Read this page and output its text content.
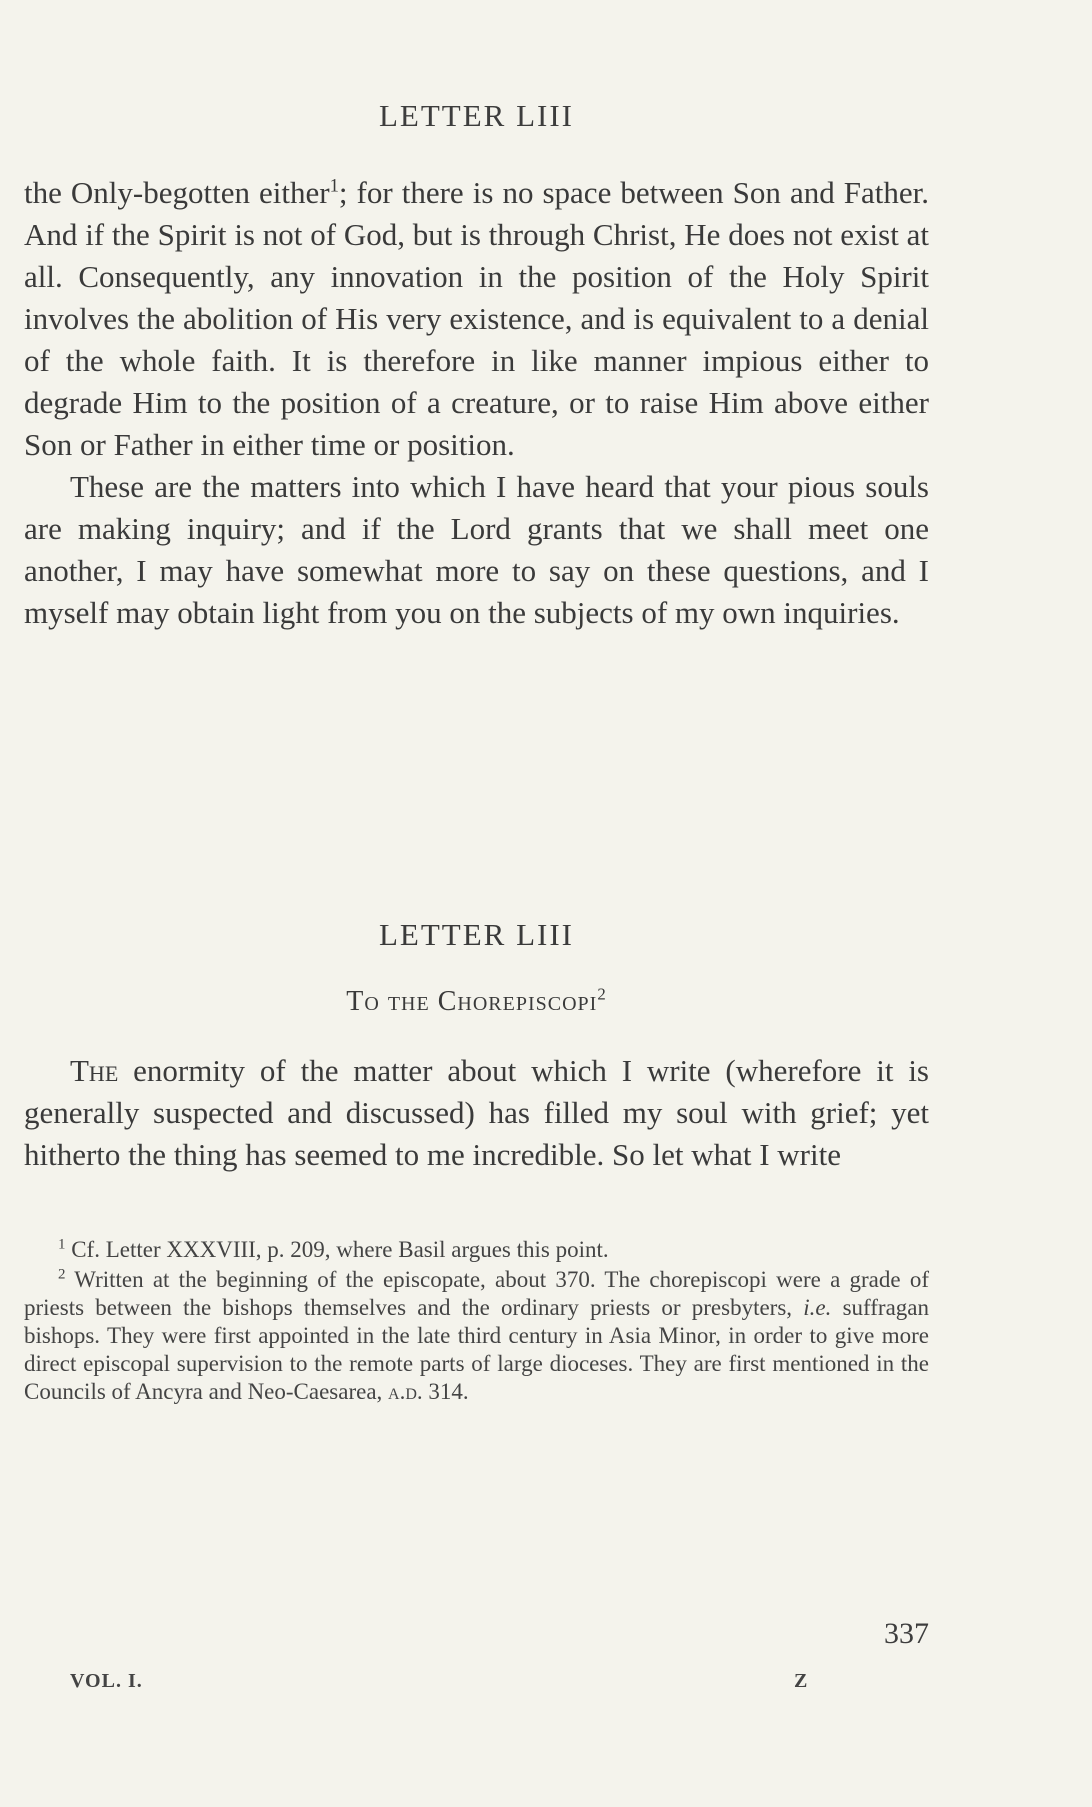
LETTER LIII

the Only-begotten either$^1$; for there is no space between Son and Father. And if the Spirit is not of God, but is through Christ, He does not exist at all. Consequently, any innovation in the position of the Holy Spirit involves the abolition of His very existence, and is equivalent to a denial of the whole faith. It is therefore in like manner impious either to degrade Him to the position of a creature, or to raise Him above either Son or Father in either time or position.

These are the matters into which I have heard that your pious souls are making inquiry; and if the Lord grants that we shall meet one another, I may have somewhat more to say on these questions, and I myself may obtain light from you on the subjects of my own inquiries.

LETTER LIII
To the Chorepiscopi$^2$

The enormity of the matter about which I write (wherefore it is generally suspected and discussed) has filled my soul with grief; yet hitherto the thing has seemed to me incredible. So let what I write

$^1$ Cf. Letter XXXVIII, p. 209, where Basil argues this point.

$^2$ Written at the beginning of the episcopate, about 370. The chorepiscopi were a grade of priests between the bishops themselves and the ordinary priests or presbyters, i.e. suffragan bishops. They were first appointed in the late third century in Asia Minor, in order to give more direct episcopal supervision to the remote parts of large dioceses. They are first mentioned in the Councils of Ancyra and Neo-Caesarea, a.d. 314.

337
VOL. I.	Z
